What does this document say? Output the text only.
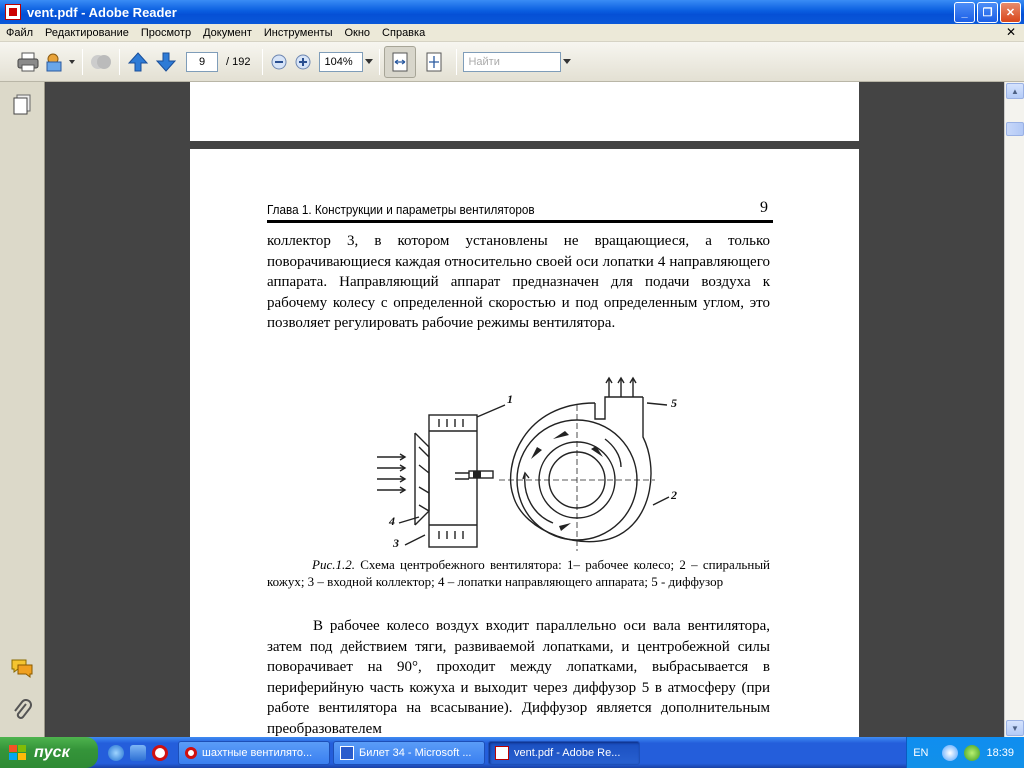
vent.pdf - Adobe Reader	_	❐	✕
Файл	Редактирование	Просмотр	Документ	Инструменты	Окно	Справка	✕
9	/ 192	104%	Найти
Глава 1. Конструкции и параметры вентиляторов	9

коллектор 3, в котором установлены не вращающиеся, а только поворачивающиеся каждая относительно своей оси лопатки 4 направляющего аппарата. Направляющий аппарат предназначен для подачи воздуха к рабочему колесу с определенной скоростью и под определенным углом, это позволяет регулировать рабочие режимы вентилятора.

1
2
3
4
5
Рис.1.2. Схема центробежного вентилятора: 1– рабочее колесо; 2 – спиральный кожух; 3 – входной коллектор; 4 – лопатки направляющего аппарата; 5 - диффузор

В рабочее колесо воздух входит параллельно оси вала вентилятора, затем под действием тяги, развиваемой лопатками, и центробежной силы поворачивает на 90°, проходит между лопатками, выбрасывается в периферийную часть кожуха и выходит через диффузор 5 в атмосферу (при работе вентилятора на всасывание). Диффузор является дополнительным преобразователем

▲
▼
пуск	шахтные вентилято...	Билет 34 - Microsoft ...	vent.pdf - Adobe Re...	EN	18:39
